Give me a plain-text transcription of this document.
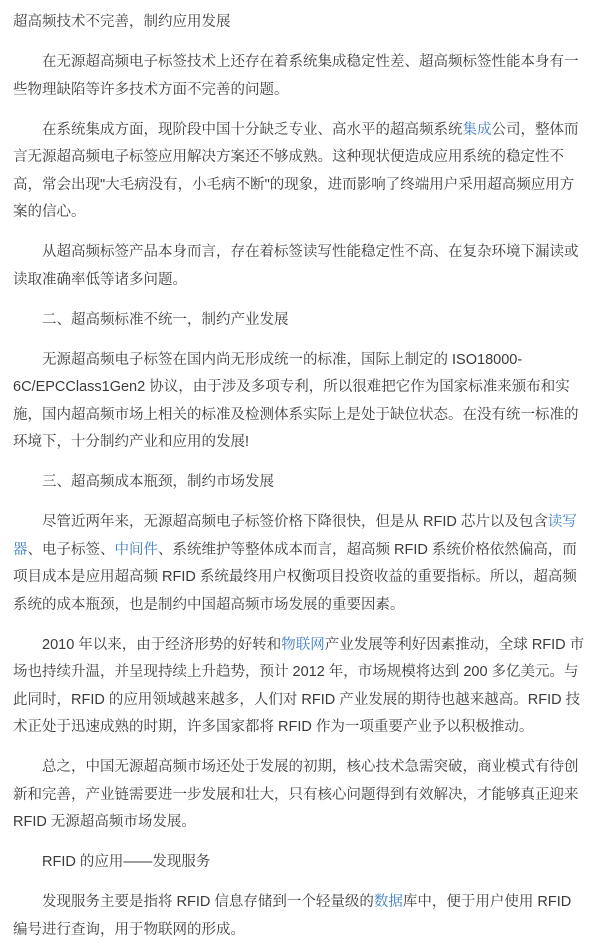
超高频技术不完善，制约应用发展

在无源超高频电子标签技术上还存在着系统集成稳定性差、超高频标签性能本身有一些物理缺陷等许多技术方面不完善的问题。

在系统集成方面，现阶段中国十分缺乏专业、高水平的超高频系统集成公司，整体而言无源超高频电子标签应用解决方案还不够成熟。这种现状便造成应用系统的稳定性不高，常会出现"大毛病没有，小毛病不断"的现象，进而影响了终端用户采用超高频应用方案的信心。

从超高频标签产品本身而言，存在着标签读写性能稳定性不高、在复杂环境下漏读或读取准确率低等诸多问题。

二、超高频标准不统一，制约产业发展

无源超高频电子标签在国内尚无形成统一的标准，国际上制定的 ISO18000-6C/EPCClass1Gen2 协议，由于涉及多项专利，所以很难把它作为国家标准来颁布和实施，国内超高频市场上相关的标准及检测体系实际上是处于缺位状态。在没有统一标准的环境下，十分制约产业和应用的发展!

三、超高频成本瓶颈，制约市场发展

尽管近两年来，无源超高频电子标签价格下降很快，但是从 RFID 芯片以及包含读写器、电子标签、中间件、系统维护等整体成本而言，超高频 RFID 系统价格依然偏高，而项目成本是应用超高频 RFID 系统最终用户权衡项目投资收益的重要指标。所以，超高频系统的成本瓶颈，也是制约中国超高频市场发展的重要因素。

2010 年以来，由于经济形势的好转和物联网产业发展等利好因素推动，全球 RFID 市场也持续升温，并呈现持续上升趋势，预计 2012 年，市场规模将达到 200 多亿美元。与此同时，RFID 的应用领域越来越多，人们对 RFID 产业发展的期待也越来越高。RFID 技术正处于迅速成熟的时期，许多国家都将 RFID 作为一项重要产业予以积极推动。

总之，中国无源超高频市场还处于发展的初期，核心技术急需突破，商业模式有待创新和完善，产业链需要进一步发展和壮大，只有核心问题得到有效解决，才能够真正迎来 RFID 无源超高频市场发展。

RFID 的应用——发现服务

发现服务主要是指将 RFID 信息存储到一个轻量级的数据库中，便于用户使用 RFID 编号进行查询，用于物联网的形成。
